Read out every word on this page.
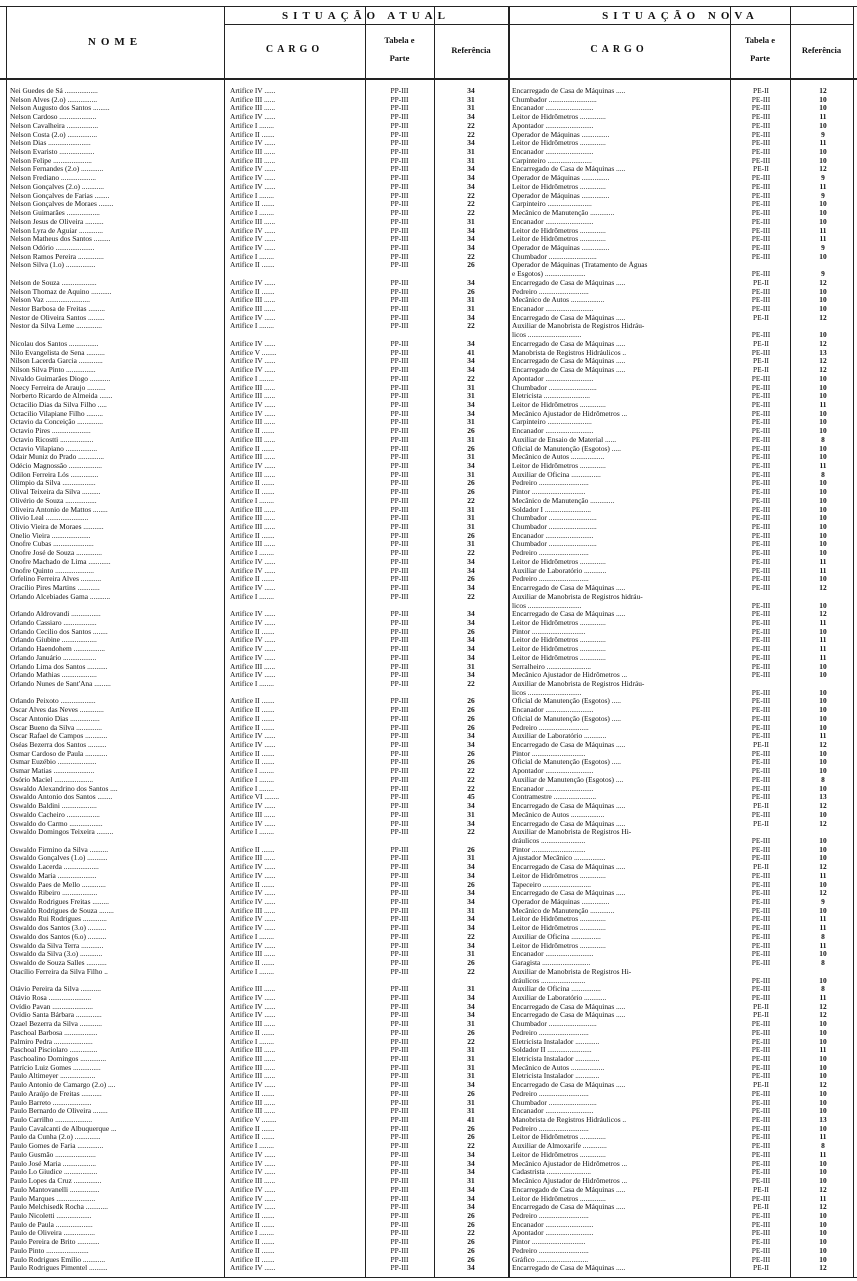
NOME
SITUAÇÃO ATUAL	SITUAÇÃO NOVA
CARGO
Tabela e
Parte
Referência	CARGO
Tabela e
Parte
Referência
Nei Guedes de Sá ..................	Artifice IV ......	PP-III	34	Encarregado de Casa de Máquinas .....	PE-II	12
Nelson Alves (2.o) ................	Artifice III ......	PP-III	31	Chumbador ..........................	PE-III	10
Nelson Augusto dos Santos .........	Artifice III ......	PP-III	31	Encanador ..........................	PE-III	10
Nelson Cardoso ....................	Artifice IV ......	PP-III	34	Leitor de Hidrômetros ..............	PE-III	11
Nelson Cavalheira .................	Artifice I ........	PP-III	22	Apontador ..........................	PE-III	10
Nelson Costa (2.o) ................	Artifice II .......	PP-III	22	Operador de Máquinas ...............	PE-III	9
Nelson Dias .......................	Artifice IV ......	PP-III	34	Leitor de Hidrômetros ..............	PE-III	11
Nelson Evaristo ...................	Artifice III ......	PP-III	31	Encanador ..........................	PE-III	10
Nelson Felipe .....................	Artifice III ......	PP-III	31	Carpinteiro ........................	PE-III	10
Nelson Fernandes (2.o) ............	Artifice IV ......	PP-III	34	Encarregado de Casa de Máquinas .....	PE-II	12
Nelson Frediano ...................	Artifice IV ......	PP-III	34	Operador de Máquinas ...............	PE-III	9
Nelson Gonçalves (2.o) ............	Artifice IV ......	PP-III	34	Leitor de Hidrômetros ..............	PE-III	11
Nelson Gonçalves de Farias ........	Artifice I ........	PP-III	22	Operador de Máquinas ...............	PE-III	9
Nelson Gonçalves de Moraes ........	Artifice II .......	PP-III	22	Carpinteiro ........................	PE-III	10
Nelson Guimarães ..................	Artifice I ........	PP-III	22	Mecânico de Manutenção .............	PE-III	10
Nelson Jesus de Oliveira ..........	Artifice III ......	PP-III	31	Encanador ..........................	PE-III	10
Nelson Lyra de Aguiar .............	Artifice IV ......	PP-III	34	Leitor de Hidrômetros ..............	PE-III	11
Nelson Matheus dos Santos .........	Artifice IV ......	PP-III	34	Leitor de Hidrômetros ..............	PE-III	11
Nelson Odório .....................	Artifice IV ......	PP-III	34	Operador de Máquinas ...............	PE-III	9
Nelson Ramos Pereira ..............	Artifice I ........	PP-III	22	Chumbador ..........................	PE-III	10
Nelson Silva (1.o) ................	Artifice II .......	PP-III	26	Operador de Máquinas (Tratamento de Águas
e Esgotos) ......................	PE-III	9
Nelson de Souza ...................	Artifice IV ......	PP-III	34	Encarregado de Casa de Máquinas .....	PE-II	12
Nelson Thomaz de Aquino ...........	Artifice II .......	PP-III	26	Pedreiro ...........................	PE-III	10
Nelson Vaz ........................	Artifice III ......	PP-III	31	Mecânico de Autos ..................	PE-III	10
Nestor Barbosa de Freitas .........	Artifice III ......	PP-III	31	Encanador ..........................	PE-III	10
Nestor de Oliveira Santos .........	Artifice IV ......	PP-III	34	Encarregado de Casa de Máquinas .....	PE-II	12
Nestor da Silva Leme ..............	Artifice I ........	PP-III	22	Auxiliar de Manobrista de Registros Hidráu-
licos .............................	PE-III	10
Nicolau dos Santos ................	Artifice IV ......	PP-III	34	Encarregado de Casa de Máquinas .....	PE-II	12
Nilo Evangelista de Sena ..........	Artifice V ........	PP-III	41	Manobrista de Registros Hidráulicos ..	PE-III	13
Nilson Lacerda Garcia .............	Artifice IV ......	PP-III	34	Encarregado de Casa de Máquinas .....	PE-II	12
Nilson Silva Pinto ................	Artifice IV ......	PP-III	34	Encarregado de Casa de Máquinas .....	PE-II	12
Nivaldo Guimarães Diogo ...........	Artifice I ........	PP-III	22	Apontador ..........................	PE-III	10
Noecy Ferreira de Araujo ..........	Artifice III ......	PP-III	31	Chumbador ..........................	PE-III	10
Norberto Ricardo de Almeida .......	Artifice III ......	PP-III	31	Eletricista .........................	PE-III	10
Octacilio Dias da Silva Filho .....	Artifice IV ......	PP-III	34	Leitor de Hidrômetros ..............	PE-III	11
Octacilio Vilapiane Filho .........	Artifice IV ......	PP-III	34	Mecânico Ajustador de Hidrômetros ...	PE-III	10
Octavio da Conceição ..............	Artifice III ......	PP-III	31	Carpinteiro ........................	PE-III	10
Octavio Pires .....................	Artifice II .......	PP-III	26	Encanador ..........................	PE-III	10
Octavio Ricostti ..................	Artifice III ......	PP-III	31	Auxiliar de Ensaio de Material ......	PE-III	8
Octavio Vilapiano .................	Artifice II .......	PP-III	26	Oficial de Manutenção (Esgotos) .....	PE-III	10
Odair Muniz do Prado ..............	Artifice III ......	PP-III	31	Mecânico de Autos ..................	PE-III	10
Odécio Magnossão ..................	Artifice IV ......	PP-III	34	Leitor de Hidrômetros ..............	PE-III	11
Odilon Ferreira Lós ...............	Artifice III ......	PP-III	31	Auxiliar de Oficina ................	PE-III	8
Olimpio da Silva ..................	Artifice II .......	PP-III	26	Pedreiro ...........................	PE-III	10
Olival Teixeira da Silva ..........	Artifice II .......	PP-III	26	Pintor .............................	PE-III	10
Olivério de Souza .................	Artifice I ........	PP-III	22	Mecânico de Manutenção .............	PE-III	10
Oliveira Antonio de Mattos ........	Artifice III ......	PP-III	31	Soldador I .........................	PE-III	10
Olivio Leal .......................	Artifice III ......	PP-III	31	Chumbador ..........................	PE-III	10
Olivio Vieira de Moraes ...........	Artifice III ......	PP-III	31	Chumbador ..........................	PE-III	10
Onelio Vieira .....................	Artifice II .......	PP-III	26	Encanador ..........................	PE-III	10
Onofre Cubas ......................	Artifice III ......	PP-III	31	Chumbador ..........................	PE-III	10
Onofre José de Souza ..............	Artifice I ........	PP-III	22	Pedreiro ...........................	PE-III	10
Onofre Machado de Lima ............	Artifice IV ......	PP-III	34	Leitor de Hidrômetros ..............	PE-III	11
Onofre Quinto .....................	Artifice IV ......	PP-III	34	Auxiliar de Laboratório ............	PE-III	11
Orfelino Ferreira Alves ...........	Artifice II .......	PP-III	26	Pedreiro ...........................	PE-III	10
Oracílio Pires Martins ............	Artifice IV ......	PP-III	34	Encarregado de Casa de Máquinas .....	PE-III	12
Orlando Alcebiades Gama ...........	Artifice I ........	PP-III	22	Auxiliar de Manobrista de Registros hidráu-
licos .............................	PE-III	10
Orlando Aldrovandi ................	Artifice IV ......	PP-III	34	Encarregado de Casa de Máquinas .....	PE-III	12
Orlando Cassiaro ..................	Artifice IV ......	PP-III	34	Leitor de Hidrômetros ..............	PE-III	11
Orlando Cecilio dos Santos ........	Artifice II .......	PP-III	26	Pintor .............................	PE-III	10
Orlando Giubine ...................	Artifice IV ......	PP-III	34	Leitor de Hidrômetros ..............	PE-III	11
Orlando Haendohem .................	Artifice IV ......	PP-III	34	Leitor de Hidrômetros ..............	PE-III	11
Orlando Januário ..................	Artifice IV ......	PP-III	34	Leitor de Hidrômetros ..............	PE-III	11
Orlando Lima dos Santos ...........	Artifice III ......	PP-III	31	Serralheiro ........................	PE-III	10
Orlando Mathias ...................	Artifice IV ......	PP-III	34	Mecânico Ajustador de Hidrômetros ...	PE-III	10
Orlando Nunes de Sant'Ana .........	Artifice I ........	PP-III	22	Auxiliar de Manobrista de Registros Hidráu-
licos .............................	PE-III	10
Orlando Peixoto ...................	Artifice II .......	PP-III	26	Oficial de Manutenção (Esgotos) .....	PE-III	10
Oscar Alves das Neves .............	Artifice II .......	PP-III	26	Encanador ..........................	PE-III	10
Oscar Antonio Dias ................	Artifice II .......	PP-III	26	Oficial de Manutenção (Esgotos) .....	PE-III	10
Oscar Bueno da Silva ..............	Artifice II .......	PP-III	26	Pedreiro ...........................	PE-III	10
Oscar Rafael de Campos ............	Artifice IV ......	PP-III	34	Auxiliar de Laboratório ............	PE-III	11
Oséas Bezerra dos Santos ..........	Artifice IV ......	PP-III	34	Encarregado de Casa de Máquinas .....	PE-II	12
Osmar Cardoso de Paula ............	Artifice II .......	PP-III	26	Pintor .............................	PE-III	10
Osmar Euzébio .....................	Artifice II .......	PP-III	26	Oficial de Manutenção (Esgotos) .....	PE-III	10
Osmar Matias ......................	Artifice I ........	PP-III	22	Apontador ..........................	PE-III	10
Osório Maciel .....................	Artifice I ........	PP-III	22	Auxiliar de Manutenção (Esgotos) ....	PE-III	8
Oswaldo Alexandrino dos Santos ....	Artifice I ........	PP-III	22	Encanador ..........................	PE-III	10
Oswaldo Antonio dos Santos ........	Artifice VI ........	PP-III	45	Contramestre .......................	PE-III	13
Oswaldo Baldini ...................	Artifice IV ......	PP-III	34	Encarregado de Casa de Máquinas .....	PE-II	12
Oswaldo Cacheiro ..................	Artifice III ......	PP-III	31	Mecânico de Autos ..................	PE-III	10
Oswaldo do Carmo ..................	Artifice IV ......	PP-III	34	Encarregado de Casa de Máquinas .....	PE-II	12
Oswaldo Domingos Teixeira .........	Artifice I ........	PP-III	22	Auxiliar de Manobrista de Registros Hi-
dráulicos ........................	PE-III	10
Oswaldo Firmino da Silva ..........	Artifice II .......	PP-III	26	Pintor .............................	PE-III	10
Oswaldo Gonçalves (1.o) ...........	Artifice III ......	PP-III	31	Ajustador Mecânico .................	PE-III	10
Oswaldo Lacerda ...................	Artifice IV ......	PP-III	34	Encarregado de Casa de Máquinas .....	PE-II	12
Oswaldo Maria .....................	Artifice IV ......	PP-III	34	Leitor de Hidrômetros ..............	PE-III	11
Oswaldo Paes de Mello .............	Artifice II .......	PP-III	26	Tapeceiro ..........................	PE-III	10
Oswaldo Ribeiro ...................	Artifice IV ......	PP-III	34	Encarregado de Casa de Máquinas .....	PE-III	12
Oswaldo Rodrigues Freitas .........	Artifice IV ......	PP-III	34	Operador de Máquinas ...............	PE-III	9
Oswaldo Rodrigues de Souza ........	Artifice III ......	PP-III	31	Mecânico de Manutenção .............	PE-III	10
Oswaldo Rui Rodrigues .............	Artifice IV ......	PP-III	34	Leitor de Hidrômetros ..............	PE-III	11
Oswaldo dos Santos (3.o) ..........	Artifice IV ......	PP-III	34	Leitor de Hidrômetros ..............	PE-III	11
Oswaldo dos Santos (6.o) ..........	Artifice I ........	PP-III	22	Auxiliar de Oficina ................	PE-III	8
Oswaldo da Silva Terra ............	Artifice IV ......	PP-III	34	Leitor de Hidrômetros ..............	PE-III	11
Oswaldo da Silva (3.o) ............	Artifice III ......	PP-III	31	Encanador ..........................	PE-III	10
Oswaldo de Souza Salles ...........	Artifice II .......	PP-III	26	Garagista ..........................	PE-III	8
Otacílio Ferreira da Silva Filho ..	Artifice I ........	PP-III	22	Auxiliar de Manobrista de Registros Hi-
dráulicos ........................	PE-III	10
Otávio Pereira da Silva ...........	Artifice III ......	PP-III	31	Auxiliar de Oficina ................	PE-III	8
Otávio Rosa .......................	Artifice IV ......	PP-III	34	Auxiliar de Laboratório ............	PE-III	11
Ovídio Pavan ......................	Artifice IV ......	PP-III	34	Encarregado de Casa de Máquinas .....	PE-II	12
Ovídio Santa Bárbara ..............	Artifice IV ......	PP-III	34	Encarregado de Casa de Máquinas .....	PE-II	12
Ozael Bezerra da Silva ............	Artifice III ......	PP-III	31	Chumbador ..........................	PE-III	10
Paschoal Barbosa ..................	Artifice II .......	PP-III	26	Pedreiro ...........................	PE-III	10
Palmiro Pedra .....................	Artifice I ........	PP-III	22	Eletricista Instalador .............	PE-III	10
Paschoal Pisciolaro ...............	Artifice III ......	PP-III	31	Soldador II ........................	PE-III	11
Paschoalino Domingos ..............	Artifice III ......	PP-III	31	Eletricista Instalador .............	PE-III	10
Patrício Luiz Gomes ...............	Artifice III ......	PP-III	31	Mecânico de Autos ..................	PE-III	10
Paulo Altimeyer ...................	Artifice III ......	PP-III	31	Eletricista Instalador .............	PE-III	10
Paulo Antonio de Camargo (2.o) ....	Artifice IV ......	PP-III	34	Encarregado de Casa de Máquinas .....	PE-II	12
Paulo Araújo de Freitas ...........	Artifice II .......	PP-III	26	Pedreiro ...........................	PE-III	10
Paulo Barreto .....................	Artifice III ......	PP-III	31	Chumbador ..........................	PE-III	10
Paulo Bernardo de Oliveira ........	Artifice III ......	PP-III	31	Encanador ..........................	PE-III	10
Paulo Carrilho ....................	Artifice V ........	PP-III	41	Manobrista de Registros Hidráulicos ..	PE-III	13
Paulo Cavalcanti de Albuquerque ...	Artifice II .......	PP-III	26	Pedreiro ...........................	PE-III	10
Paulo da Cunha (2.o) ..............	Artifice II .......	PP-III	26	Leitor de Hidrômetros ..............	PE-III	11
Paulo Gomes de Faria ..............	Artifice I ........	PP-III	22	Auxiliar de Almoxarife .............	PE-III	8
Paulo Gusmão ......................	Artifice IV ......	PP-III	34	Leitor de Hidrômetros ..............	PE-III	11
Paulo José Maria ..................	Artifice IV ......	PP-III	34	Mecânico Ajustador de Hidrômetros ...	PE-III	10
Paulo Lo Giudice ..................	Artifice IV ......	PP-III	34	Cadastrista ........................	PE-III	10
Paulo Lopes da Cruz ...............	Artifice III ......	PP-III	31	Mecânico Ajustador de Hidrômetros ...	PE-III	10
Paulo Mantovanelli ................	Artifice IV ......	PP-III	34	Encarregado de Casa de Máquinas .....	PE-II	12
Paulo Marques .....................	Artifice IV ......	PP-III	34	Leitor de Hidrômetros ..............	PE-III	11
Paulo Melchisedk Rocha ............	Artifice IV ......	PP-III	34	Encarregado de Casa de Máquinas .....	PE-II	12
Paulo Nicoletti ...................	Artifice II .......	PP-III	26	Pedreiro ...........................	PE-III	10
Paulo de Paula ....................	Artifice II .......	PP-III	26	Encanador ..........................	PE-III	10
Paulo de Oliveira .................	Artifice I ........	PP-III	22	Apontador ..........................	PE-III	10
Paulo Pereira de Brito ............	Artifice II .......	PP-III	26	Pintor .............................	PE-III	10
Paulo Pinto .......................	Artifice II .......	PP-III	26	Pedreiro ...........................	PE-III	10
Paulo Rodrigues Emílio ............	Artifice II .......	PP-III	26	Gráfico ............................	PE-III	10
Paulo Rodrigues Pimentel ..........	Artifice IV ......	PP-III	34	Encarregado de Casa de Máquinas .....	PE-II	12
